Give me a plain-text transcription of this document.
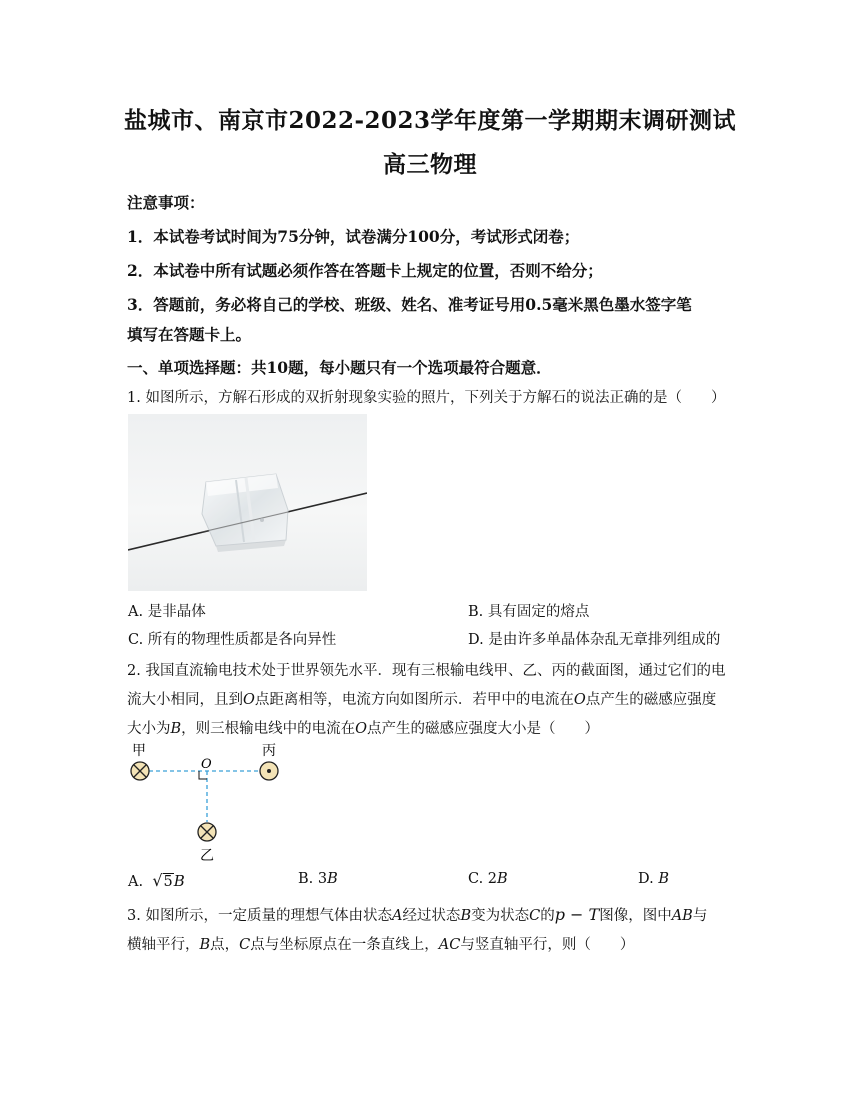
盐城市、南京市2022-2023学年度第一学期期末调研测试
高三物理
注意事项：
1．本试卷考试时间为75分钟，试卷满分100分，考试形式闭卷；
2．本试卷中所有试题必须作答在答题卡上规定的位置，否则不给分；
3．答题前，务必将自己的学校、班级、姓名、准考证号用0.5毫米黑色墨水签字笔
填写在答题卡上。
一、单项选择题：共10题，每小题只有一个选项最符合题意．
1. 如图所示，方解石形成的双折射现象实验的照片，下列关于方解石的说法正确的是（　　）
A. 是非晶体	B. 具有固定的熔点
C. 所有的物理性质都是各向异性	D. 是由许多单晶体杂乱无章排列组成的
2. 我国直流输电技术处于世界领先水平．现有三根输电线甲、乙、丙的截面图，通过它们的电
流大小相同，且到O点距离相等，电流方向如图所示．若甲中的电流在O点产生的磁感应强度
大小为B，则三根输电线中的电流在O点产生的磁感应强度大小是（　　）
甲	丙
O
乙
A. √5B	B. 3B	C. 2B	D. B
3. 如图所示，一定质量的理想气体由状态A经过状态B变为状态C的p − T图像，图中AB与
横轴平行，B点，C点与坐标原点在一条直线上，AC与竖直轴平行，则（　　）
